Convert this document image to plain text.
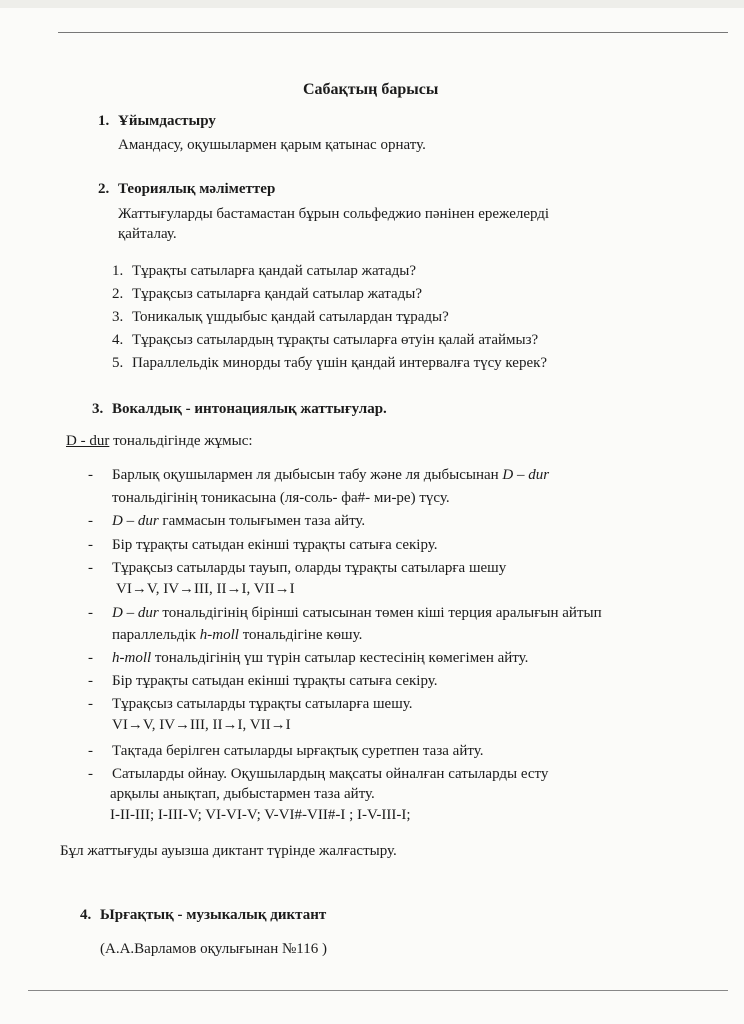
Сабақтың барысы
1. Ұйымдастыру
Амандасу, оқушылармен қарым қатынас орнату.
2. Теориялық мәліметтер
Жаттығуларды бастамастан бұрын сольфеджио пәнінен ережелерді
қайталау.
1. Тұрақты сатыларға қандай сатылар жатады?
2. Тұрақсыз сатыларға қандай сатылар жатады?
3. Тоникалық үшдыбыс қандай сатылардан тұрады?
4. Тұрақсыз сатылардың тұрақты сатыларға өтуін қалай атаймыз?
5. Параллельдік минорды табу үшін қандай интервалға түсу керек?
3. Вокалдық - интонациялық жаттығулар.
D - dur тональдігінде жұмыс:
- Барлық оқушылармен ля дыбысын табу және ля дыбысынан D – dur
тональдігінің тоникасына (ля-соль- фа#- ми-ре) түсу.
- D – dur гаммасын толығымен таза айту.
- Бір тұрақты сатыдан екінші тұрақты сатыға секіру.
- Тұрақсыз сатыларды тауып, оларды тұрақты сатыларға шешу
VI→V, IV→III, II→I, VII→I
- D – dur тональдігінің бірінші сатысынан төмен кіші терция аралығын айтып
параллельдік h-moll тональдігіне көшу.
- h-moll тональдігінің үш түрін сатылар кестесінің көмегімен айту.
- Бір тұрақты сатыдан екінші тұрақты сатыға секіру.
- Тұрақсыз сатыларды тұрақты сатыларға шешу.
VI→V, IV→III, II→I, VII→I
- Тақтада берілген сатыларды ырғақтық суретпен таза айту.
- Сатыларды ойнау. Оқушылардың мақсаты ойналған сатыларды есту
арқылы анықтап, дыбыстармен таза айту.
I-II-III; I-III-V; VI-VI-V; V-VI#-VII#-I ; I-V-III-I;
Бұл жаттығуды ауызша диктант түрінде жалғастыру.
4. Ырғақтық - музыкалық диктант
(А.А.Варламов оқулығынан №116 )
